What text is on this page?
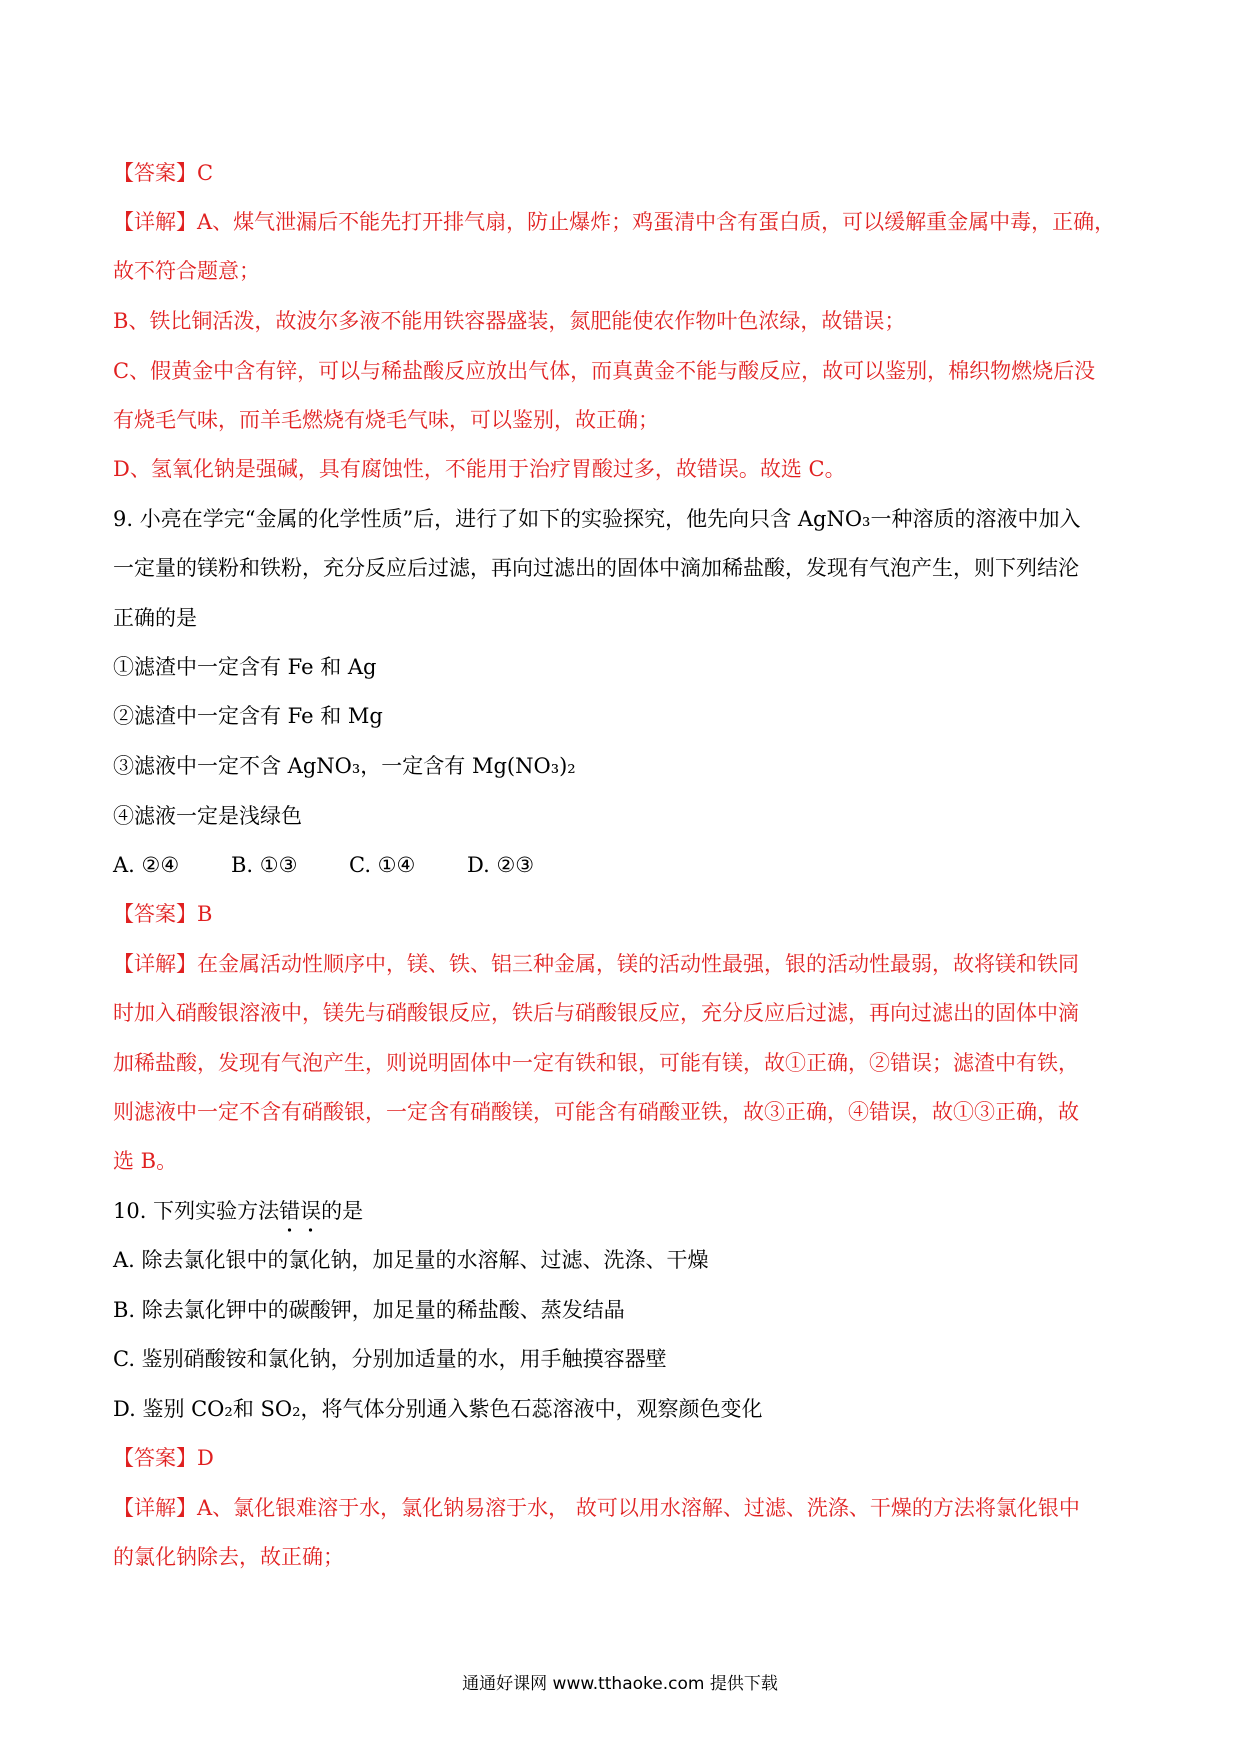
【答案】C
【详解】A、煤气泄漏后不能先打开排气扇，防止爆炸；鸡蛋清中含有蛋白质，可以缓解重金属中毒，正确，
故不符合题意；
B、铁比铜活泼，故波尔多液不能用铁容器盛装，氮肥能使农作物叶色浓绿，故错误；
C、假黄金中含有锌，可以与稀盐酸反应放出气体，而真黄金不能与酸反应，故可以鉴别，棉织物燃烧后没
有烧毛气味，而羊毛燃烧有烧毛气味，可以鉴别，故正确；
D、氢氧化钠是强碱，具有腐蚀性，不能用于治疗胃酸过多，故错误。故选 C。
9. 小亮在学完“金属的化学性质”后，进行了如下的实验探究，他先向只含 AgNO₃一种溶质的溶液中加入
一定量的镁粉和铁粉，充分反应后过滤，再向过滤出的固体中滴加稀盐酸，发现有气泡产生，则下列结沦
正确的是
①滤渣中一定含有 Fe 和 Ag
②滤渣中一定含有 Fe 和 Mg
③滤液中一定不含 AgNO₃，一定含有 Mg(NO₃)₂
④滤液一定是浅绿色
A. ②④ B. ①③ C. ①④ D. ②③
【答案】B
【详解】在金属活动性顺序中，镁、铁、铝三种金属，镁的活动性最强，银的活动性最弱，故将镁和铁同
时加入硝酸银溶液中，镁先与硝酸银反应，铁后与硝酸银反应，充分反应后过滤，再向过滤出的固体中滴
加稀盐酸，发现有气泡产生，则说明固体中一定有铁和银，可能有镁，故①正确，②错误；滤渣中有铁，
则滤液中一定不含有硝酸银，一定含有硝酸镁，可能含有硝酸亚铁，故③正确，④错误，故①③正确，故
选 B。
10. 下列实验方法错误的是
A. 除去氯化银中的氯化钠，加足量的水溶解、过滤、洗涤、干燥
B. 除去氯化钾中的碳酸钾，加足量的稀盐酸、蒸发结晶
C. 鉴别硝酸铵和氯化钠，分别加适量的水，用手触摸容器壁
D. 鉴别 CO₂和 SO₂，将气体分别通入紫色石蕊溶液中，观察颜色变化
【答案】D
【详解】A、氯化银难溶于水，氯化钠易溶于水， 故可以用水溶解、过滤、洗涤、干燥的方法将氯化银中
的氯化钠除去，故正确；
通通好课网 www.tthaoke.com 提供下载
